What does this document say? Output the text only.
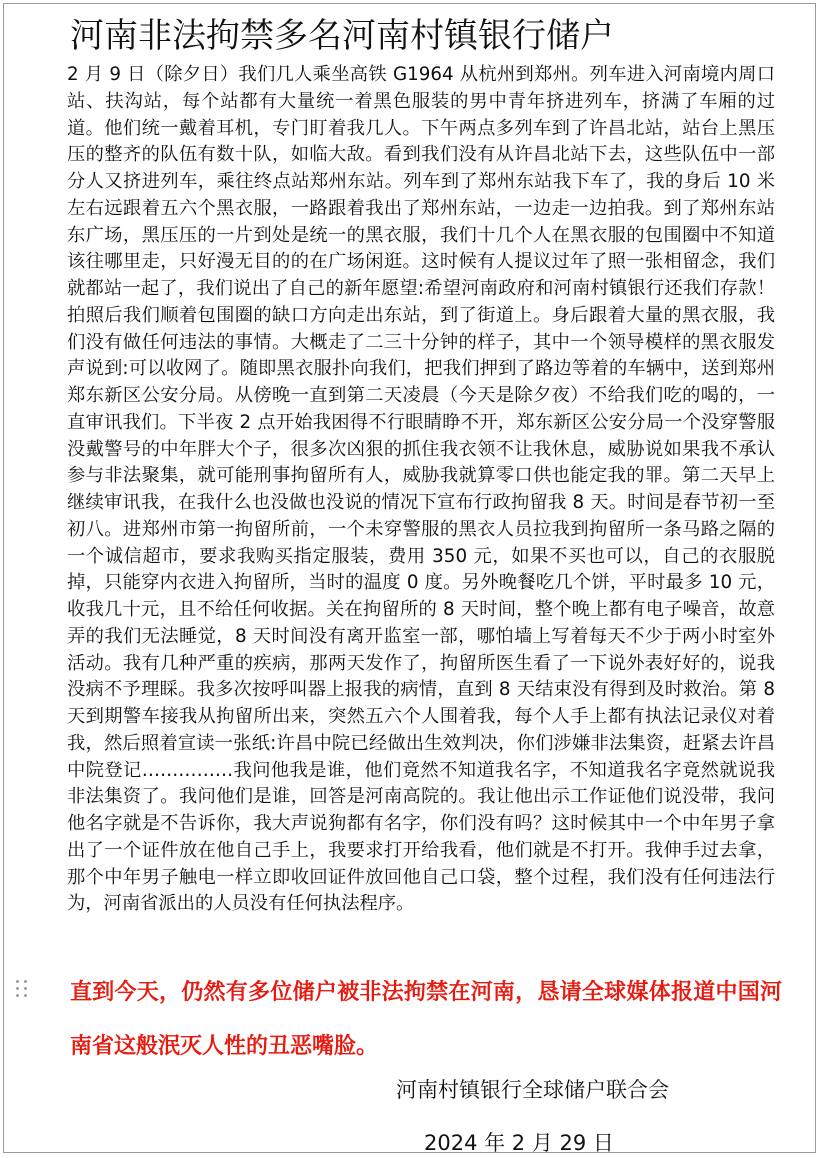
河南非法拘禁多名河南村镇银行储户

2 月 9 日（除夕日）我们几人乘坐高铁 G1964 从杭州到郑州。列车进入河南境内周口站、扶沟站，每个站都有大量统一着黑色服装的男中青年挤进列车，挤满了车厢的过道。他们统一戴着耳机，专门盯着我几人。下午两点多列车到了许昌北站，站台上黑压压的整齐的队伍有数十队，如临大敌。看到我们没有从许昌北站下去，这些队伍中一部分人又挤进列车，乘往终点站郑州东站。列车到了郑州东站我下车了，我的身后 10 米左右远跟着五六个黑衣服，一路跟着我出了郑州东站，一边走一边拍我。到了郑州东站东广场，黑压压的一片到处是统一的黑衣服，我们十几个人在黑衣服的包围圈中不知道该往哪里走，只好漫无目的的在广场闲逛。这时候有人提议过年了照一张相留念，我们就都站一起了，我们说出了自己的新年愿望:希望河南政府和河南村镇银行还我们存款！拍照后我们顺着包围圈的缺口方向走出东站，到了街道上。身后跟着大量的黑衣服，我们没有做任何违法的事情。大概走了二三十分钟的样子，其中一个领导模样的黑衣服发声说到:可以收网了。随即黑衣服扑向我们，把我们押到了路边等着的车辆中，送到郑州郑东新区公安分局。从傍晚一直到第二天凌晨（今天是除夕夜）不给我们吃的喝的，一直审讯我们。下半夜 2 点开始我困得不行眼睛睁不开，郑东新区公安分局一个没穿警服没戴警号的中年胖大个子，很多次凶狠的抓住我衣领不让我休息，威胁说如果我不承认参与非法聚集，就可能刑事拘留所有人，威胁我就算零口供也能定我的罪。第二天早上继续审讯我，在我什么也没做也没说的情况下宣布行政拘留我 8 天。时间是春节初一至初八。进郑州市第一拘留所前，一个未穿警服的黑衣人员拉我到拘留所一条马路之隔的一个诚信超市，要求我购买指定服装，费用 350 元，如果不买也可以，自己的衣服脱掉，只能穿内衣进入拘留所，当时的温度 0 度。另外晚餐吃几个饼，平时最多 10 元，收我几十元，且不给任何收据。关在拘留所的 8 天时间，整个晚上都有电子噪音，故意弄的我们无法睡觉，8 天时间没有离开监室一部，哪怕墙上写着每天不少于两小时室外活动。我有几种严重的疾病，那两天发作了，拘留所医生看了一下说外表好好的，说我没病不予理睬。我多次按呼叫器上报我的病情，直到 8 天结束没有得到及时救治。第 8 天到期警车接我从拘留所出来，突然五六个人围着我，每个人手上都有执法记录仪对着我，然后照着宣读一张纸:许昌中院已经做出生效判决，你们涉嫌非法集资，赶紧去许昌中院登记……………我问他我是谁，他们竟然不知道我名字，不知道我名字竟然就说我非法集资了。我问他们是谁，回答是河南高院的。我让他出示工作证他们说没带，我问他名字就是不告诉你，我大声说狗都有名字，你们没有吗？这时候其中一个中年男子拿出了一个证件放在他自己手上，我要求打开给我看，他们就是不打开。我伸手过去拿，那个中年男子触电一样立即收回证件放回他自己口袋，整个过程，我们没有任何违法行为，河南省派出的人员没有任何执法程序。

直到今天，仍然有多位储户被非法拘禁在河南，恳请全球媒体报道中国河南省这般泯灭人性的丑恶嘴脸。

河南村镇银行全球储户联合会
2024 年 2 月 29 日
